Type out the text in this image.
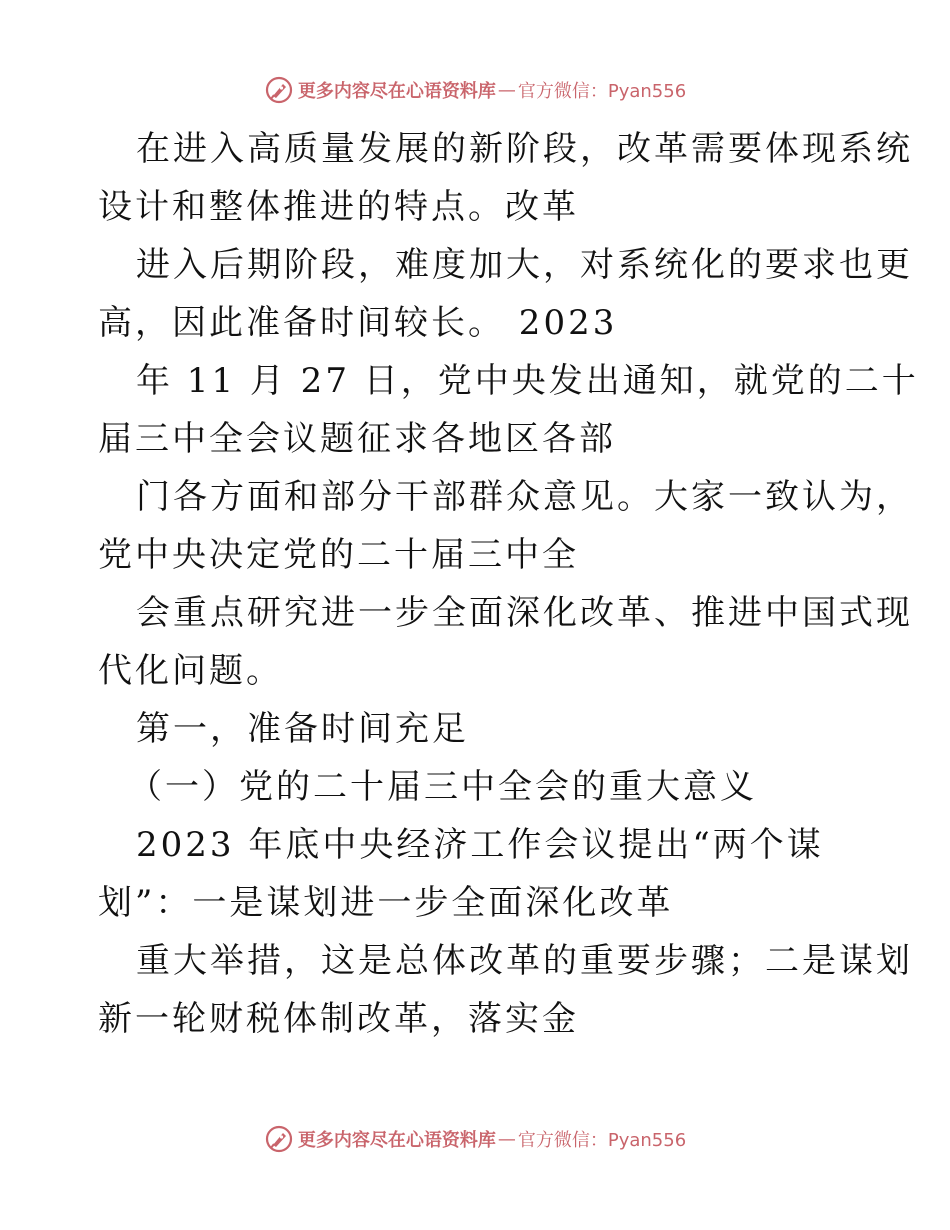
更多内容尽在心语资料库 — 官方微信：Pyan556
在进入高质量发展的新阶段，改革需要体现系统
设计和整体推进的特点。改革
进入后期阶段，难度加大，对系统化的要求也更
高，因此准备时间较长。 2023
年 11 月 27 日，党中央发出通知，就党的二十
届三中全会议题征求各地区各部
门各方面和部分干部群众意见。大家一致认为，
党中央决定党的二十届三中全
会重点研究进一步全面深化改革、推进中国式现
代化问题。
第一，准备时间充足
（一）党的二十届三中全会的重大意义
2023 年底中央经济工作会议提出“两个谋
划”：一是谋划进一步全面深化改革
重大举措，这是总体改革的重要步骤；二是谋划
新一轮财税体制改革，落实金
更多内容尽在心语资料库 — 官方微信：Pyan556
